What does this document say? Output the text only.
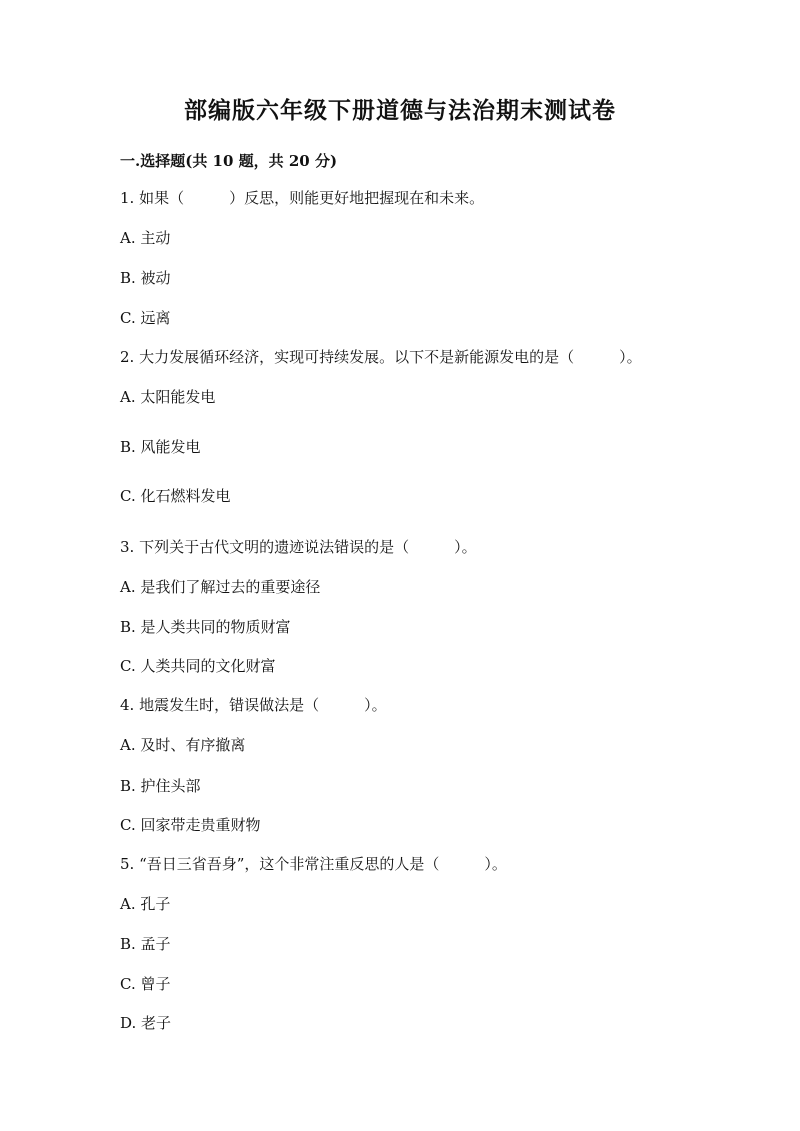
部编版六年级下册道德与法治期末测试卷
一.选择题(共 10 题，共 20 分)
1. 如果（　　　）反思，则能更好地把握现在和未来。
A. 主动
B. 被动
C. 远离
2. 大力发展循环经济，实现可持续发展。以下不是新能源发电的是（　　　）。
A. 太阳能发电
B. 风能发电
C. 化石燃料发电
3. 下列关于古代文明的遗迹说法错误的是（　　　）。
A. 是我们了解过去的重要途径
B. 是人类共同的物质财富
C. 人类共同的文化财富
4. 地震发生时，错误做法是（　　　）。
A. 及时、有序撤离
B. 护住头部
C. 回家带走贵重财物
5. “吾日三省吾身”，这个非常注重反思的人是（　　　）。
A. 孔子
B. 孟子
C. 曾子
D. 老子
